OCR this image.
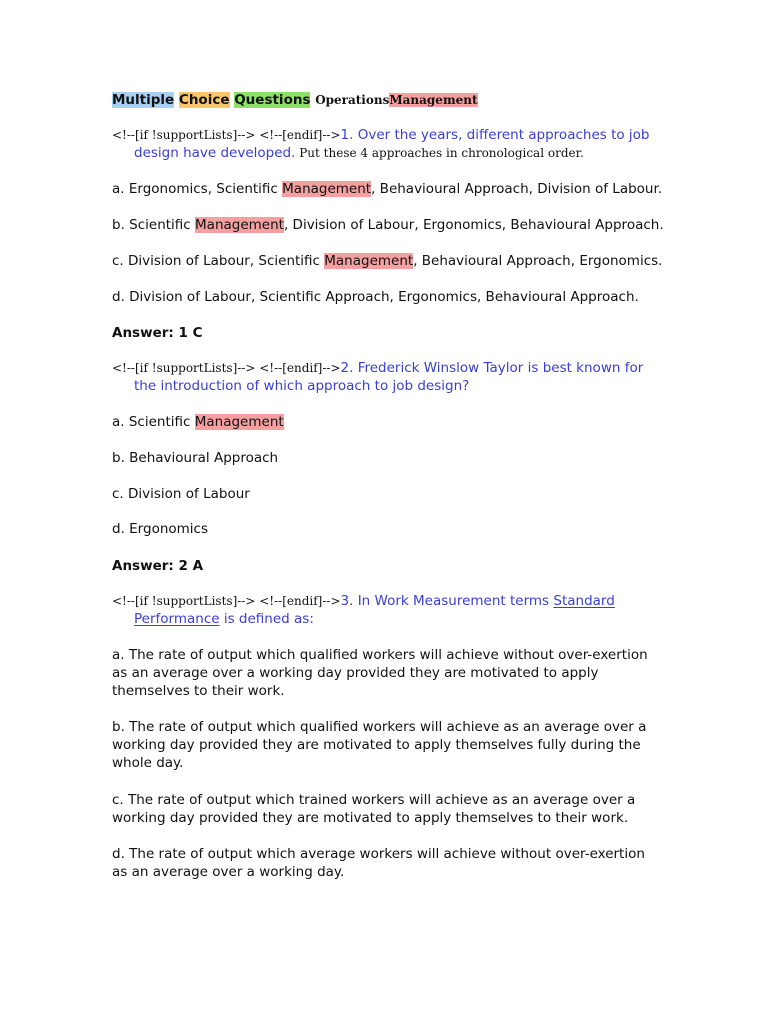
Multiple Choice Questions OperationsManagement

<!--[if !supportLists]--> <!--[endif]-->1. Over the years, different approaches to job

design have developed. Put these 4 approaches in chronological order.

a. Ergonomics, Scientific Management, Behavioural Approach, Division of Labour.

b. Scientific Management, Division of Labour, Ergonomics, Behavioural Approach.

c. Division of Labour, Scientific Management, Behavioural Approach, Ergonomics.

d. Division of Labour, Scientific Approach, Ergonomics, Behavioural Approach.

Answer: 1 C

<!--[if !supportLists]--> <!--[endif]-->2. Frederick Winslow Taylor is best known for

the introduction of which approach to job design?

a. Scientific Management

b. Behavioural Approach

c. Division of Labour

d. Ergonomics

Answer: 2 A

<!--[if !supportLists]--> <!--[endif]-->3. In Work Measurement terms Standard

Performance is defined as:

a. The rate of output which qualified workers will achieve without over-exertion
as an average over a working day provided they are motivated to apply
themselves to their work.

b. The rate of output which qualified workers will achieve as an average over a
working day provided they are motivated to apply themselves fully during the
whole day.

c. The rate of output which trained workers will achieve as an average over a
working day provided they are motivated to apply themselves to their work.

d. The rate of output which average workers will achieve without over-exertion
as an average over a working day.
